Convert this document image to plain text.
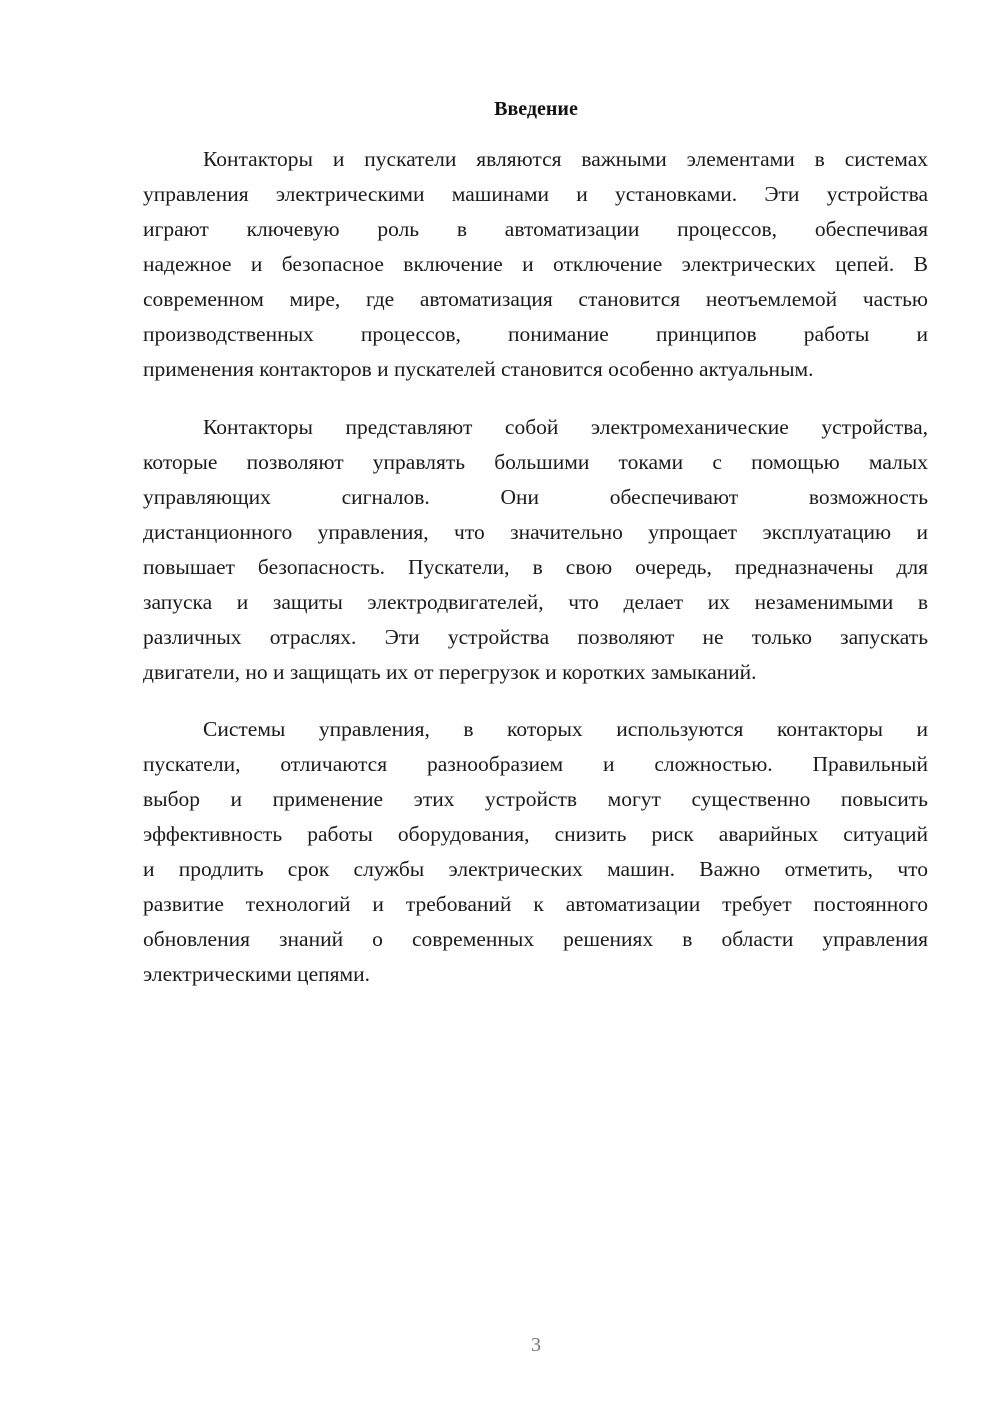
Введение
Контакторы и пускатели являются важными элементами в системах
управления электрическими машинами и установками. Эти устройства
играют ключевую роль в автоматизации процессов, обеспечивая
надежное и безопасное включение и отключение электрических цепей. В
современном мире, где автоматизация становится неотъемлемой частью
производственных процессов, понимание принципов работы и
применения контакторов и пускателей становится особенно актуальным.
Контакторы представляют собой электромеханические устройства,
которые позволяют управлять большими токами с помощью малых
управляющих сигналов. Они обеспечивают возможность
дистанционного управления, что значительно упрощает эксплуатацию и
повышает безопасность. Пускатели, в свою очередь, предназначены для
запуска и защиты электродвигателей, что делает их незаменимыми в
различных отраслях. Эти устройства позволяют не только запускать
двигатели, но и защищать их от перегрузок и коротких замыканий.
Системы управления, в которых используются контакторы и
пускатели, отличаются разнообразием и сложностью. Правильный
выбор и применение этих устройств могут существенно повысить
эффективность работы оборудования, снизить риск аварийных ситуаций
и продлить срок службы электрических машин. Важно отметить, что
развитие технологий и требований к автоматизации требует постоянного
обновления знаний о современных решениях в области управления
электрическими цепями.
3
